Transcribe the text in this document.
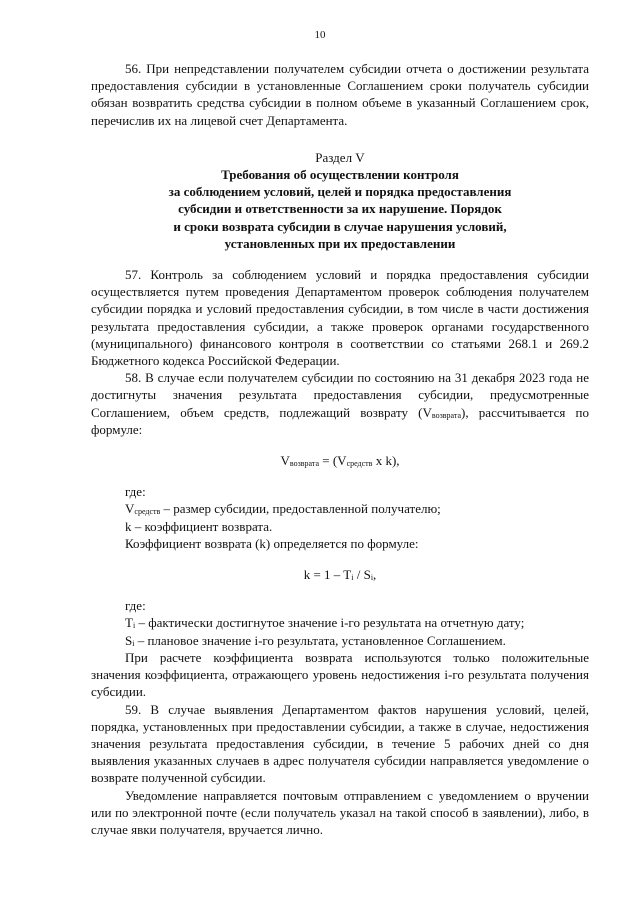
10

56. При непредставлении получателем субсидии отчета о достижении результата предоставления субсидии в установленные Соглашением сроки получатель субсидии обязан возвратить средства субсидии в полном объеме в указанный Соглашением срок, перечислив их на лицевой счет Департамента.

Раздел V

Требования об осуществлении контроля

за соблюдением условий, целей и порядка предоставления

субсидии и ответственности за их нарушение. Порядок

и сроки возврата субсидии в случае нарушения условий,

установленных при их предоставлении

57. Контроль за соблюдением условий и порядка предоставления субсидии осуществляется путем проведения Департаментом проверок соблюдения получателем субсидии порядка и условий предоставления субсидии, в том числе в части достижения результата предоставления субсидии, а также проверок органами государственного (муниципального) финансового контроля в соответствии со статьями 268.1 и 269.2 Бюджетного кодекса Российской Федерации.

58. В случае если получателем субсидии по состоянию на 31 декабря 2023 года не достигнуты значения результата предоставления субсидии, предусмотренные Соглашением, объем средств, подлежащий возврату $(V_{возврата})$, рассчитывается по формуле:

$V_{возврата} = (V_{средств}$ x k),

где:

$V_{средств}$ – размер субсидии, предоставленной получателю;

k – коэффициент возврата.

Коэффициент возврата (k) определяется по формуле:

$k = 1 - T_i / S_i$,

где:

$T_i$ – фактически достигнутое значение i-го результата на отчетную дату;

$S_i$ – плановое значение i-го результата, установленное Соглашением.

При расчете коэффициента возврата используются только положительные значения коэффициента, отражающего уровень недостижения i-го результата получения субсидии.

59. В случае выявления Департаментом фактов нарушения условий, целей, порядка, установленных при предоставлении субсидии, а также в случае, недостижения значения результата предоставления субсидии, в течение 5 рабочих дней со дня выявления указанных случаев в адрес получателя субсидии направляется уведомление о возврате полученной субсидии.

Уведомление направляется почтовым отправлением с уведомлением о вручении или по электронной почте (если получатель указал на такой способ в заявлении), либо, в случае явки получателя, вручается лично.
